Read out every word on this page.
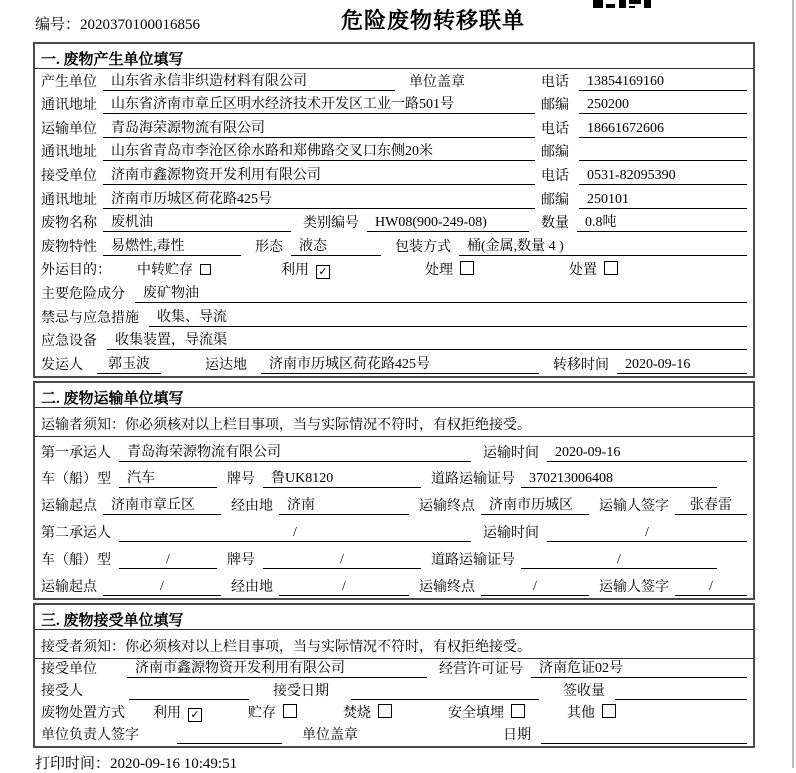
编号：2020370100016856	危险废物转移联单
一. 废物产生单位填写
产生单位	山东省永信非织造材料有限公司	单位盖章	电话	13854169160
通讯地址	山东省济南市章丘区明水经济技术开发区工业一路501号	邮编	250200
运输单位	青岛海荣源物流有限公司	电话	18661672606
通讯地址	山东省青岛市李沧区徐水路和郑佛路交叉口东侧20米	邮编
接受单位	济南市鑫源物资开发利用有限公司	电话	0531-82095390
通讯地址	济南市历城区荷花路425号	邮编	250101
废物名称	废机油	类别编号	HW08(900-249-08)	数量	0.8吨
废物特性	易燃性,毒性	形态	液态	包装方式	桶(金属,数量 4 )
外运目的： 中转贮存	利用 ✓	处理	处置
主要危险成分	废矿物油
禁忌与应急措施	收集、导流
应急设备	收集装置，导流渠
发运人	郭玉波	运达地	济南市历城区荷花路425号	转移时间	2020-09-16
二. 废物运输单位填写
运输者须知：你必须核对以上栏目事项，当与实际情况不符时，有权拒绝接受。
第一承运人	青岛海荣源物流有限公司	运输时间	2020-09-16
车（船）型	汽车	牌号	鲁UK8120	道路运输证号	370213006408
运输起点	济南市章丘区	经由地	济南	运输终点	济南市历城区	运输人签字	张春雷
第二承运人	/	运输时间	/
车（船）型	/	牌号	/	道路运输证号	/
运输起点	/	经由地	/	运输终点	/	运输人签字	/
三. 废物接受单位填写
接受者须知：你必须核对以上栏目事项，当与实际情况不符时，有权拒绝接受。
接受单位	济南市鑫源物资开发利用有限公司	经营许可证号	济南危证02号
接受人	接受日期	签收量
废物处置方式 利用 ✓	贮存	焚烧	安全填埋	其他
单位负责人签字	单位盖章	日期
打印时间：2020-09-16 10:49:51
